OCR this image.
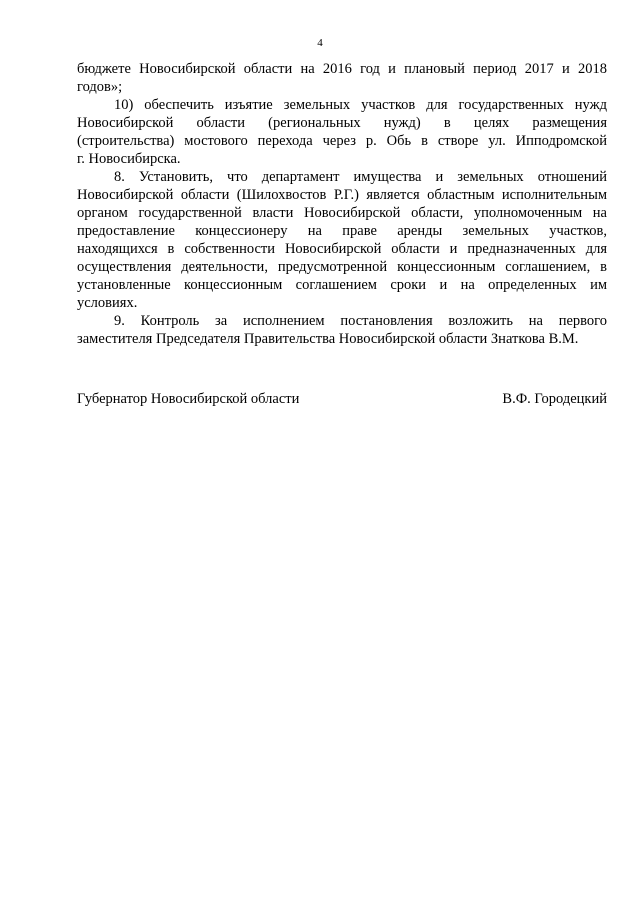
4
бюджете Новосибирской области на 2016 год и плановый период 2017 и 2018
годов»;
10) обеспечить изъятие земельных участков для государственных нужд
Новосибирской области (региональных нужд) в целях размещения
(строительства) мостового перехода через р. Обь в створе ул. Ипподромской
г. Новосибирска.
8. Установить, что департамент имущества и земельных отношений
Новосибирской области (Шилохвостов Р.Г.) является областным исполнительным
органом государственной власти Новосибирской области, уполномоченным на
предоставление концессионеру на праве аренды земельных участков,
находящихся в собственности Новосибирской области и предназначенных для
осуществления деятельности, предусмотренной концессионным соглашением, в
установленные концессионным соглашением сроки и на определенных им
условиях.
9. Контроль за исполнением постановления возложить на первого
заместителя Председателя Правительства Новосибирской области Знаткова В.М.
Губернатор Новосибирской области	В.Ф. Городецкий
